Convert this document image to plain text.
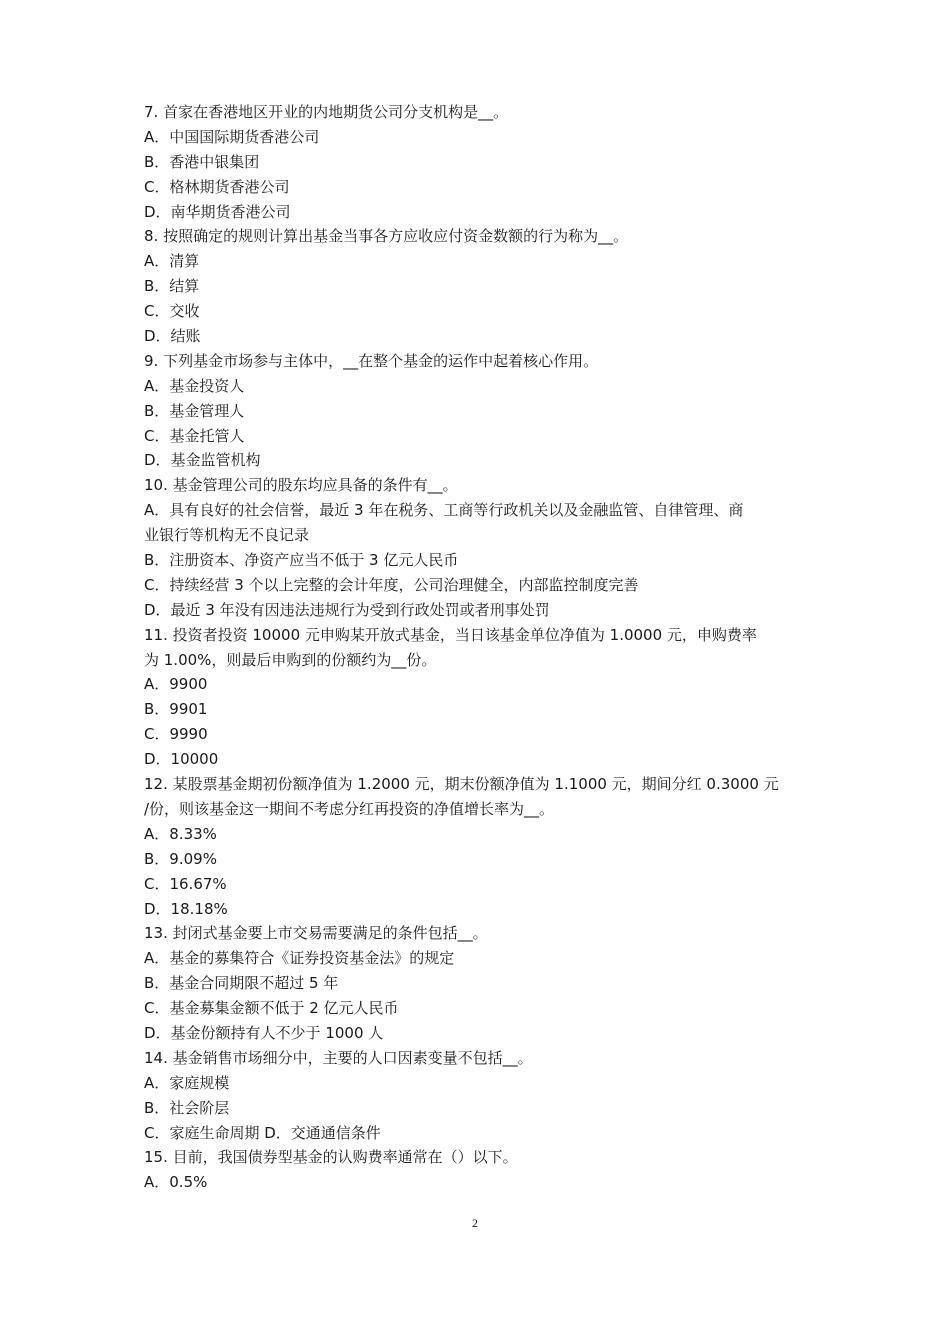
7. 首家在香港地区开业的内地期货公司分支机构是__。
A．中国国际期货香港公司
B．香港中银集团
C．格林期货香港公司
D．南华期货香港公司
8. 按照确定的规则计算出基金当事各方应收应付资金数额的行为称为__。
A．清算
B．结算
C．交收
D．结账
9. 下列基金市场参与主体中，__在整个基金的运作中起着核心作用。
A．基金投资人
B．基金管理人
C．基金托管人
D．基金监管机构
10. 基金管理公司的股东均应具备的条件有__。
A．具有良好的社会信誉，最近 3 年在税务、工商等行政机关以及金融监管、自律管理、商
业银行等机构无不良记录
B．注册资本、净资产应当不低于 3 亿元人民币
C．持续经营 3 个以上完整的会计年度，公司治理健全，内部监控制度完善
D．最近 3 年没有因违法违规行为受到行政处罚或者刑事处罚
11. 投资者投资 10000 元申购某开放式基金，当日该基金单位净值为 1.0000 元，申购费率
为 1.00%，则最后申购到的份额约为__份。
A．9900
B．9901
C．9990
D．10000
12. 某股票基金期初份额净值为 1.2000 元，期末份额净值为 1.1000 元，期间分红 0.3000 元
/份，则该基金这一期间不考虑分红再投资的净值增长率为__。
A．8.33%
B．9.09%
C．16.67%
D．18.18%
13. 封闭式基金要上市交易需要满足的条件包括__。
A．基金的募集符合《证券投资基金法》的规定
B．基金合同期限不超过 5 年
C．基金募集金额不低于 2 亿元人民币
D．基金份额持有人不少于 1000 人
14. 基金销售市场细分中，主要的人口因素变量不包括__。
A．家庭规模
B．社会阶层
C．家庭生命周期 D．交通通信条件
15. 目前，我国债券型基金的认购费率通常在（）以下。
A．0.5%
2
